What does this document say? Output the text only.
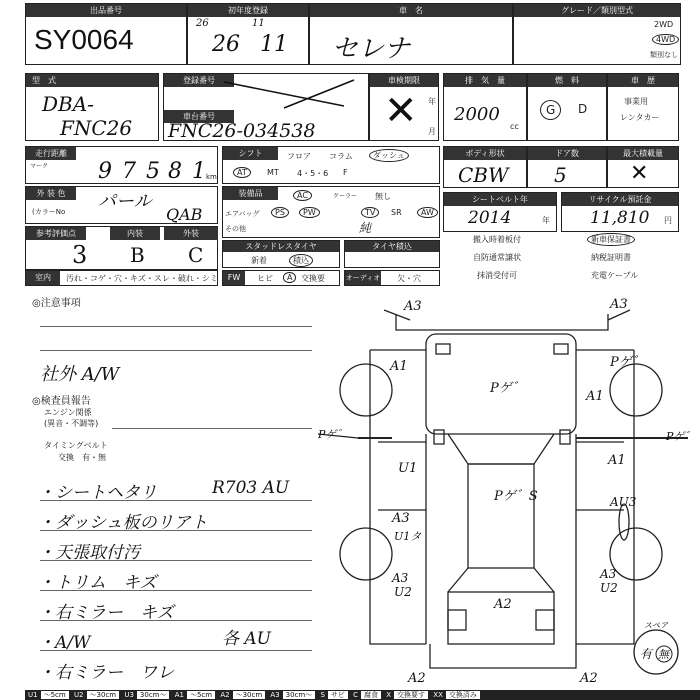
出品番号
SY0064
初年度登録
26	11
26 11
車　名
セレナ
グレード／類別型式
2WD
4WD
類別なし
型　式
DBA-
FNC26
登録番号
車台番号
FNC26-034538
車検期限
✕ 年
月
排　気　量
2000
cc
燃　料
G	D
車　歴
事業用
レンタカー
走行距離
マーク 9 7 5 8 1 km
シフト	フロア コラム	ダッシュ
AT	MT 4・5・6 F
ボディ形状
CBW
ドア数
5
最大積載量
✕
外 装 色
(カラーNo パール
QAB
装備品	AC	クーラー 無し
エアバッグ	PS	PW	TV	SR	AW
その他	純
シートベルト年
2014	年
リサイクル預託金
11,810 円
参考評価点	内装	外装
3 B C	スタッドレスタイヤ
新着	積込
タイヤ積込
室内	汚れ・コゲ・穴・キズ・スレ・破れ・シミ	FW	ヒビ	A	交換要	オーディオ 欠・穴
搬入時着板付	新車保証書
自防通常譲状	納税証明書
抹消受付可	充電ケーブル
◎注意事項
社外 A/W
◎検査員報告
エンジン関係
(異音・不調等)
タイミングベルト
交換　有・無
・シートヘタリ	R703 AU
・ダッシュ板のリアト
・天張取付汚
・トリム　キズ
・右ミラー　キズ
・A/W	各 AU
・右ミラー　ワレ
A3	A3
Pゲ゛
A1	Pゲ゛
A1
Pゲ゛	Pゲ゛
U1
Pゲ゛S
A1
A3
U1タ
AU3
A3
U2
A3
U2
A2
A2	A2
スペア
有 無
U1 〜5cm U2 〜30cm U3 30cm〜 A1 〜5cm A2 〜30cm A3 30cm〜 S サビ C 腐食 X 交換要す XX 交換済み
